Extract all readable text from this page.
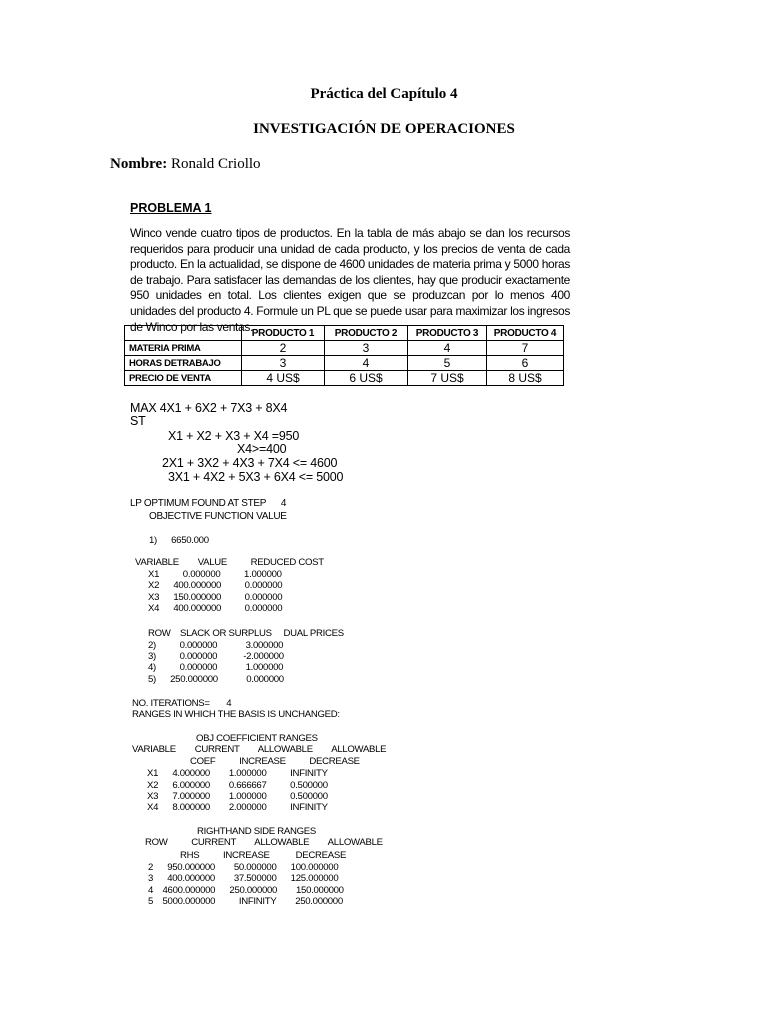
Práctica del Capítulo 4
INVESTIGACIÓN DE OPERACIONES
Nombre: Ronald Criollo
PROBLEMA 1
Winco vende cuatro tipos de productos. En la tabla de más abajo se dan los recursos requeridos para producir una unidad de cada producto, y los precios de venta de cada producto. En la actualidad, se dispone de 4600 unidades de materia prima y 5000 horas de trabajo. Para satisfacer las demandas de los clientes, hay que producir exactamente 950 unidades en total. Los clientes exigen que se produzcan por lo menos 400 unidades del producto 4. Formule un PL que se puede usar para maximizar los ingresos de Winco por las ventas.
	PRODUCTO 1	PRODUCTO 2	PRODUCTO 3	PRODUCTO 4
MATERIA PRIMA	2	3	4	7
HORAS DETRABAJO	3	4	5	6
PRECIO DE VENTA	4 US$	6 US$	7 US$	8 US$
MAX 4X1 + 6X2 + 7X3 + 8X4
ST
X1 + X2 + X3 + X4 =950
X4>=400
2X1 + 3X2 + 4X3 + 7X4 <= 4600
3X1 + 4X2 + 5X3 + 6X4 <= 5000
LP OPTIMUM FOUND AT STEP      4
OBJECTIVE FUNCTION VALUE
1)      6650.000
VARIABLE        VALUE          REDUCED COST
X1          0.000000          1.000000
X2      400.000000          0.000000
X3      150.000000          0.000000
X4      400.000000          0.000000
ROW    SLACK OR SURPLUS     DUAL PRICES
2)          0.000000            3.000000
3)          0.000000           -2.000000
4)          0.000000            1.000000
5)      250.000000            0.000000
NO. ITERATIONS=       4
RANGES IN WHICH THE BASIS IS UNCHANGED:
OBJ COEFFICIENT RANGES
VARIABLE        CURRENT        ALLOWABLE        ALLOWABLE
COEF          INCREASE          DECREASE
X1      4.000000        1.000000          INFINITY
X2      6.000000        0.666667          0.500000
X3      7.000000        1.000000          0.500000
X4      8.000000        2.000000          INFINITY
RIGHTHAND SIDE RANGES
ROW          CURRENT        ALLOWABLE        ALLOWABLE
RHS          INCREASE           DECREASE
2      950.000000        50.000000      100.000000
3      400.000000        37.500000      125.000000
4    4600.000000      250.000000        150.000000
5    5000.000000          INFINITY        250.000000
